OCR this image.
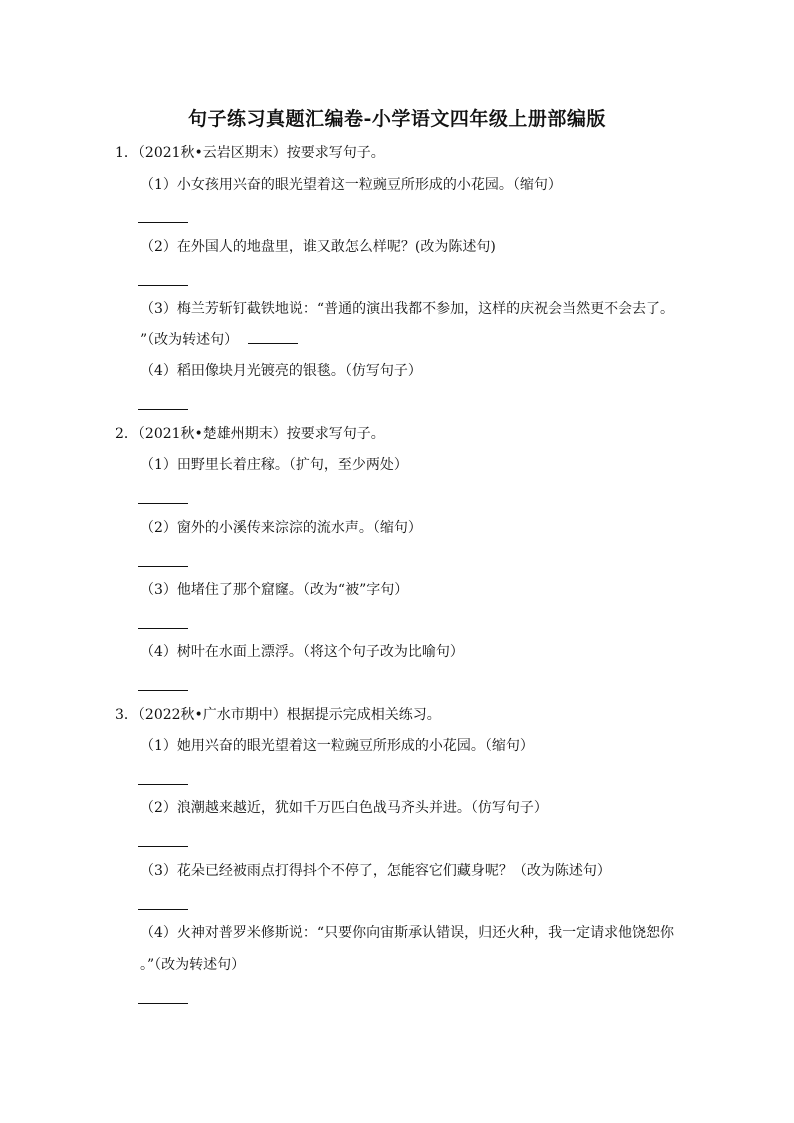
句子练习真题汇编卷-小学语文四年级上册部编版
1．（2021秋•云岩区期末）按要求写句子。
（1）小女孩用兴奋的眼光望着这一粒豌豆所形成的小花园。（缩句）
（2）在外国人的地盘里，谁又敢怎么样呢？(改为陈述句)
（3）梅兰芳斩钉截铁地说：“普通的演出我都不参加，这样的庆祝会当然更不会去了。
”（改为转述句）
（4）稻田像块月光镀亮的银毯。（仿写句子）
2．（2021秋•楚雄州期末）按要求写句子。
（1）田野里长着庄稼。（扩句，至少两处）
（2）窗外的小溪传来淙淙的流水声。（缩句）
（3）他堵住了那个窟窿。（改为“被”字句）
（4）树叶在水面上漂浮。（将这个句子改为比喻句）
3．（2022秋•广水市期中）根据提示完成相关练习。
（1）她用兴奋的眼光望着这一粒豌豆所形成的小花园。（缩句）
（2）浪潮越来越近，犹如千万匹白色战马齐头并进。（仿写句子）
（3）花朵已经被雨点打得抖个不停了，怎能容它们藏身呢？（改为陈述句）
（4）火神对普罗米修斯说：“只要你向宙斯承认错误，归还火种，我一定请求他饶恕你
。”（改为转述句）
